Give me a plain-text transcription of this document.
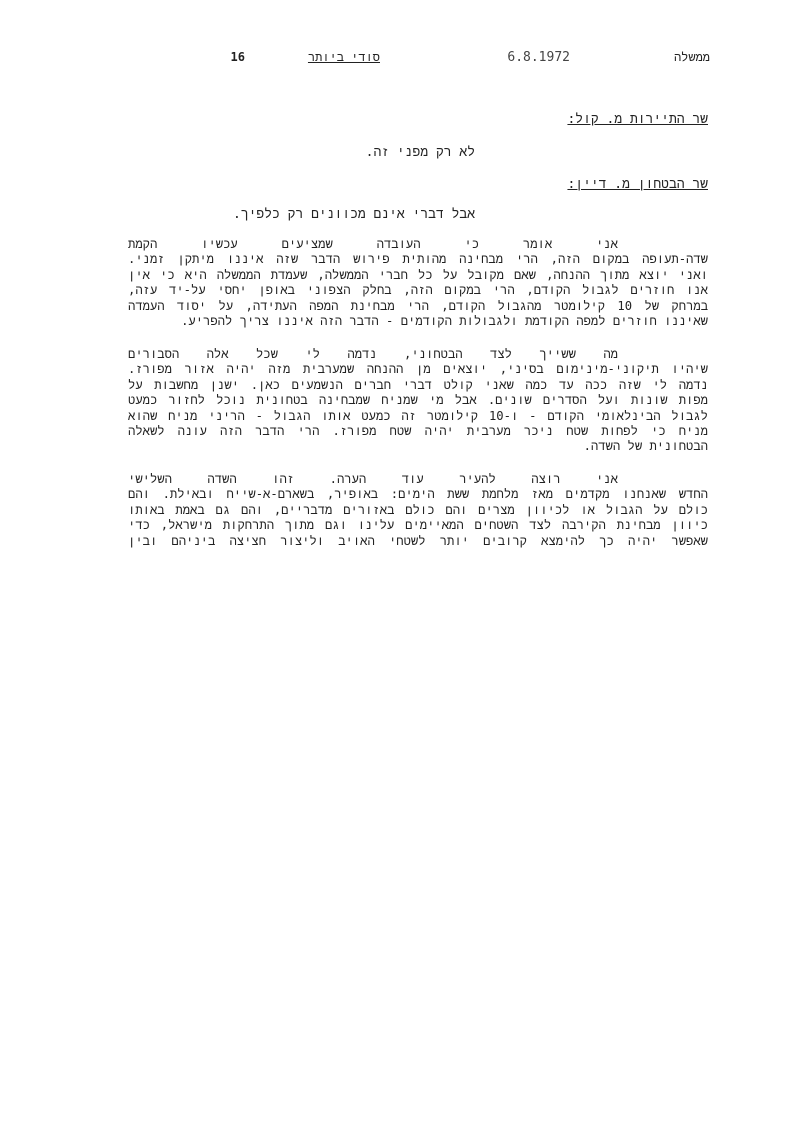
ממשלה
6.8.1972
סודי ביותר
16
שר התיירות מ. קול:
לא רק מפני זה.
שר הבטחון מ. דיין:
אבל דברי אינם מכוונים רק כלפיך.
אני אומר כי העובדה שמציעים עכשיו הקמת
שדה-תעופה במקום הזה, הרי מבחינה מהותית פירוש הדבר שזה איננו מיתקן זמני.
ואני יוצא מתוך ההנחה, שאם מקובל על כל חברי הממשלה, שעמדת הממשלה היא כי אין
אנו חוזרים לגבול הקודם, הרי במקום הזה, בחלק הצפוני באופן יחסי על-יד עזה,
במרחק של 10 קילומטר מהגבול הקודם, הרי מבחינת המפה העתידה, על יסוד העמדה
שאיננו חוזרים למפה הקודמת ולגבולות הקודמים - הדבר הזה איננו צריך להפריע.
מה ששייך לצד הבטחוני, נדמה לי שכל אלה הסבורים
שיהיו תיקוני-מינימום בסיני, יוצאים מן ההנחה שמערבית מזה יהיה אזור מפורז.
נדמה לי שזה ככה עד כמה שאני קולט דברי חברים הנשמעים כאן. ישנן מחשבות על
מפות שונות ועל הסדרים שונים. אבל מי שמניח שמבחינה בטחונית נוכל לחזור כמעט
לגבול הבינלאומי הקודם - ו-10 קילומטר זה כמעט אותו הגבול - הריני מניח שהוא
מניח כי לפחות שטח ניכר מערבית יהיה שטח מפורז. הרי הדבר הזה עונה לשאלה
הבטחונית של השדה.
אני רוצה להעיר עוד הערה. זהו השדה השלישי
החדש שאנחנו מקדמים מאז מלחמת ששת הימים: באופיר, בשארם-א-שייח ובאילת. והם
כולם על הגבול או לכיוון מצרים והם כולם באזורים מדבריים, והם גם באמת באותו
כיוון מבחינת הקירבה לצד השטחים המאיימים עלינו וגם מתוך התרחקות מישראל, כדי
שאפשר יהיה כך להימצא קרובים יותר לשטחי האויב וליצור חציצה ביניהם ובין
